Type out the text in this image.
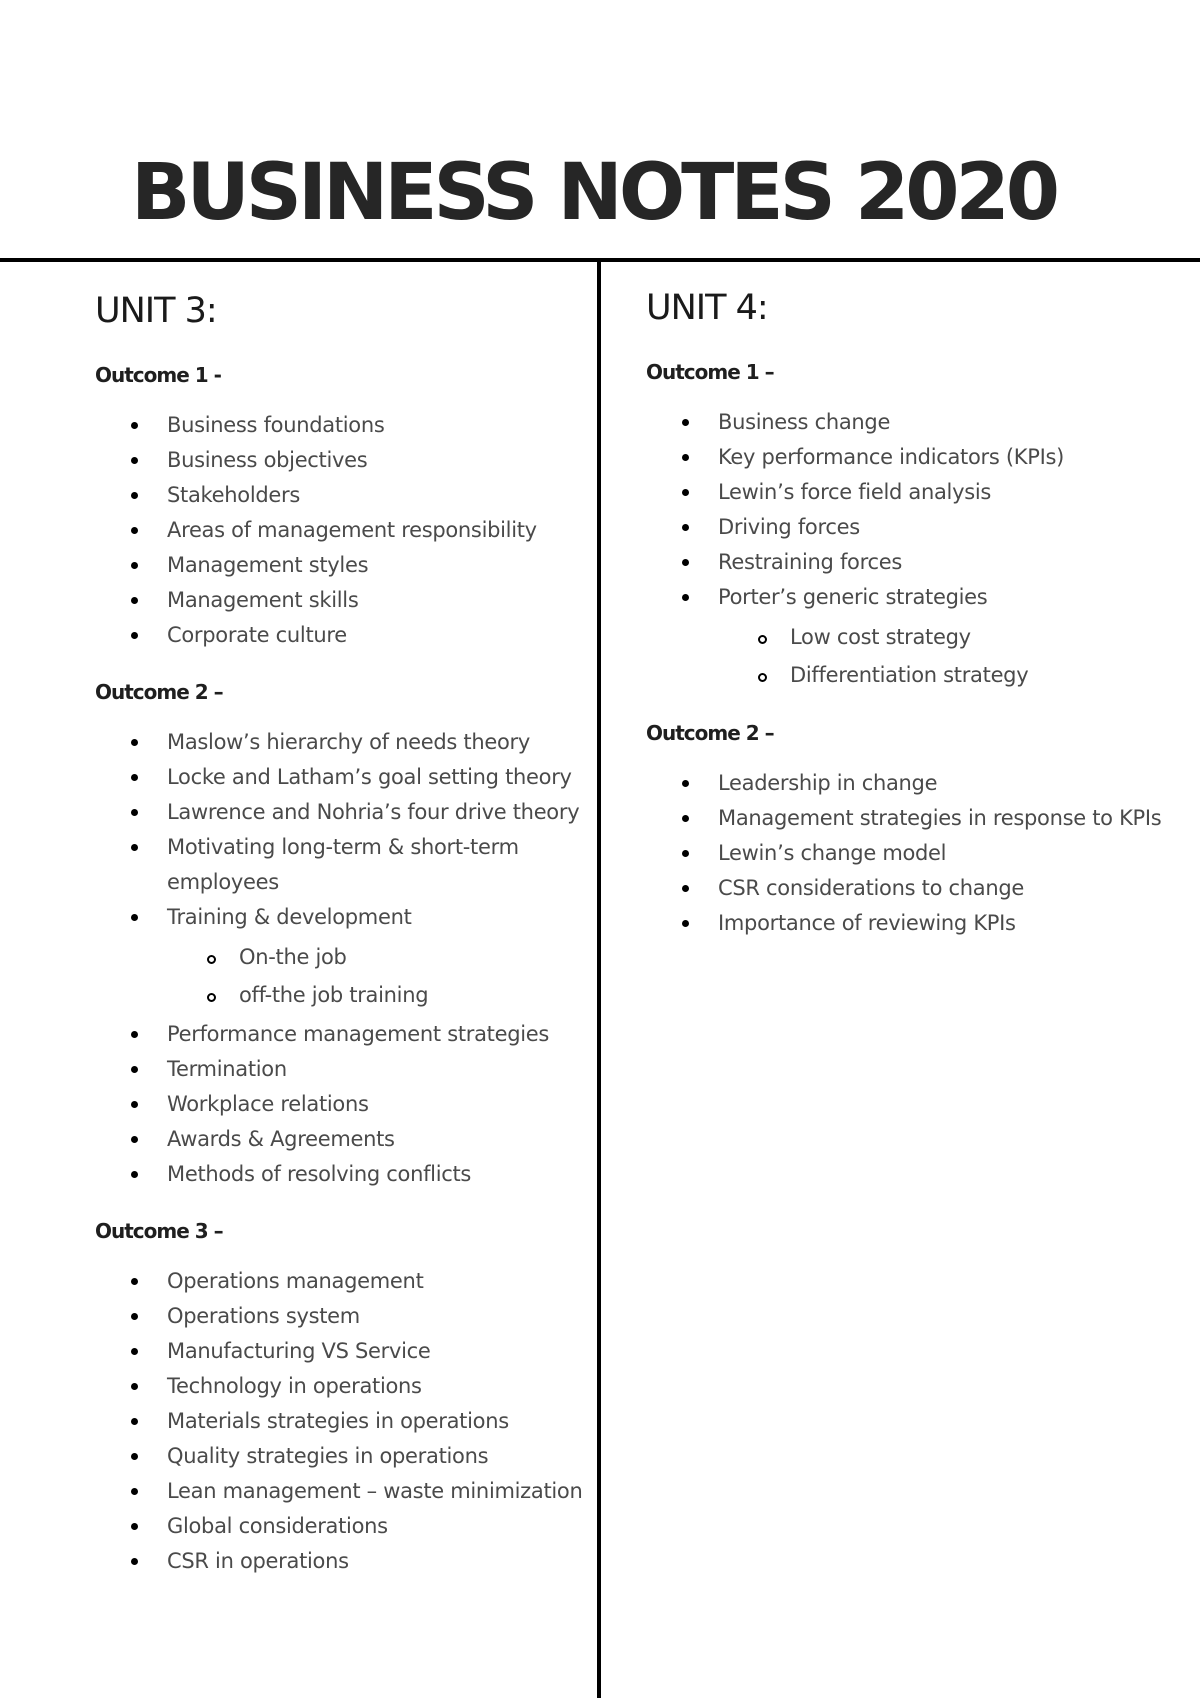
BUSINESS NOTES 2020
UNIT 3:
Outcome 1 -
Business foundations
Business objectives
Stakeholders
Areas of management responsibility
Management styles
Management skills
Corporate culture
Outcome 2 –
Maslow’s hierarchy of needs theory
Locke and Latham’s goal setting theory
Lawrence and Nohria’s four drive theory
Motivating long-term & short-term employees
Training & development
On-the job
off-the job training
Performance management strategies
Termination
Workplace relations
Awards & Agreements
Methods of resolving conflicts
Outcome 3 –
Operations management
Operations system
Manufacturing VS Service
Technology in operations
Materials strategies in operations
Quality strategies in operations
Lean management – waste minimization
Global considerations
CSR in operations
UNIT 4:
Outcome 1 –
Business change
Key performance indicators (KPIs)
Lewin’s force field analysis
Driving forces
Restraining forces
Porter’s generic strategies
Low cost strategy
Differentiation strategy
Outcome 2 –
Leadership in change
Management strategies in response to KPIs
Lewin’s change model
CSR considerations to change
Importance of reviewing KPIs
